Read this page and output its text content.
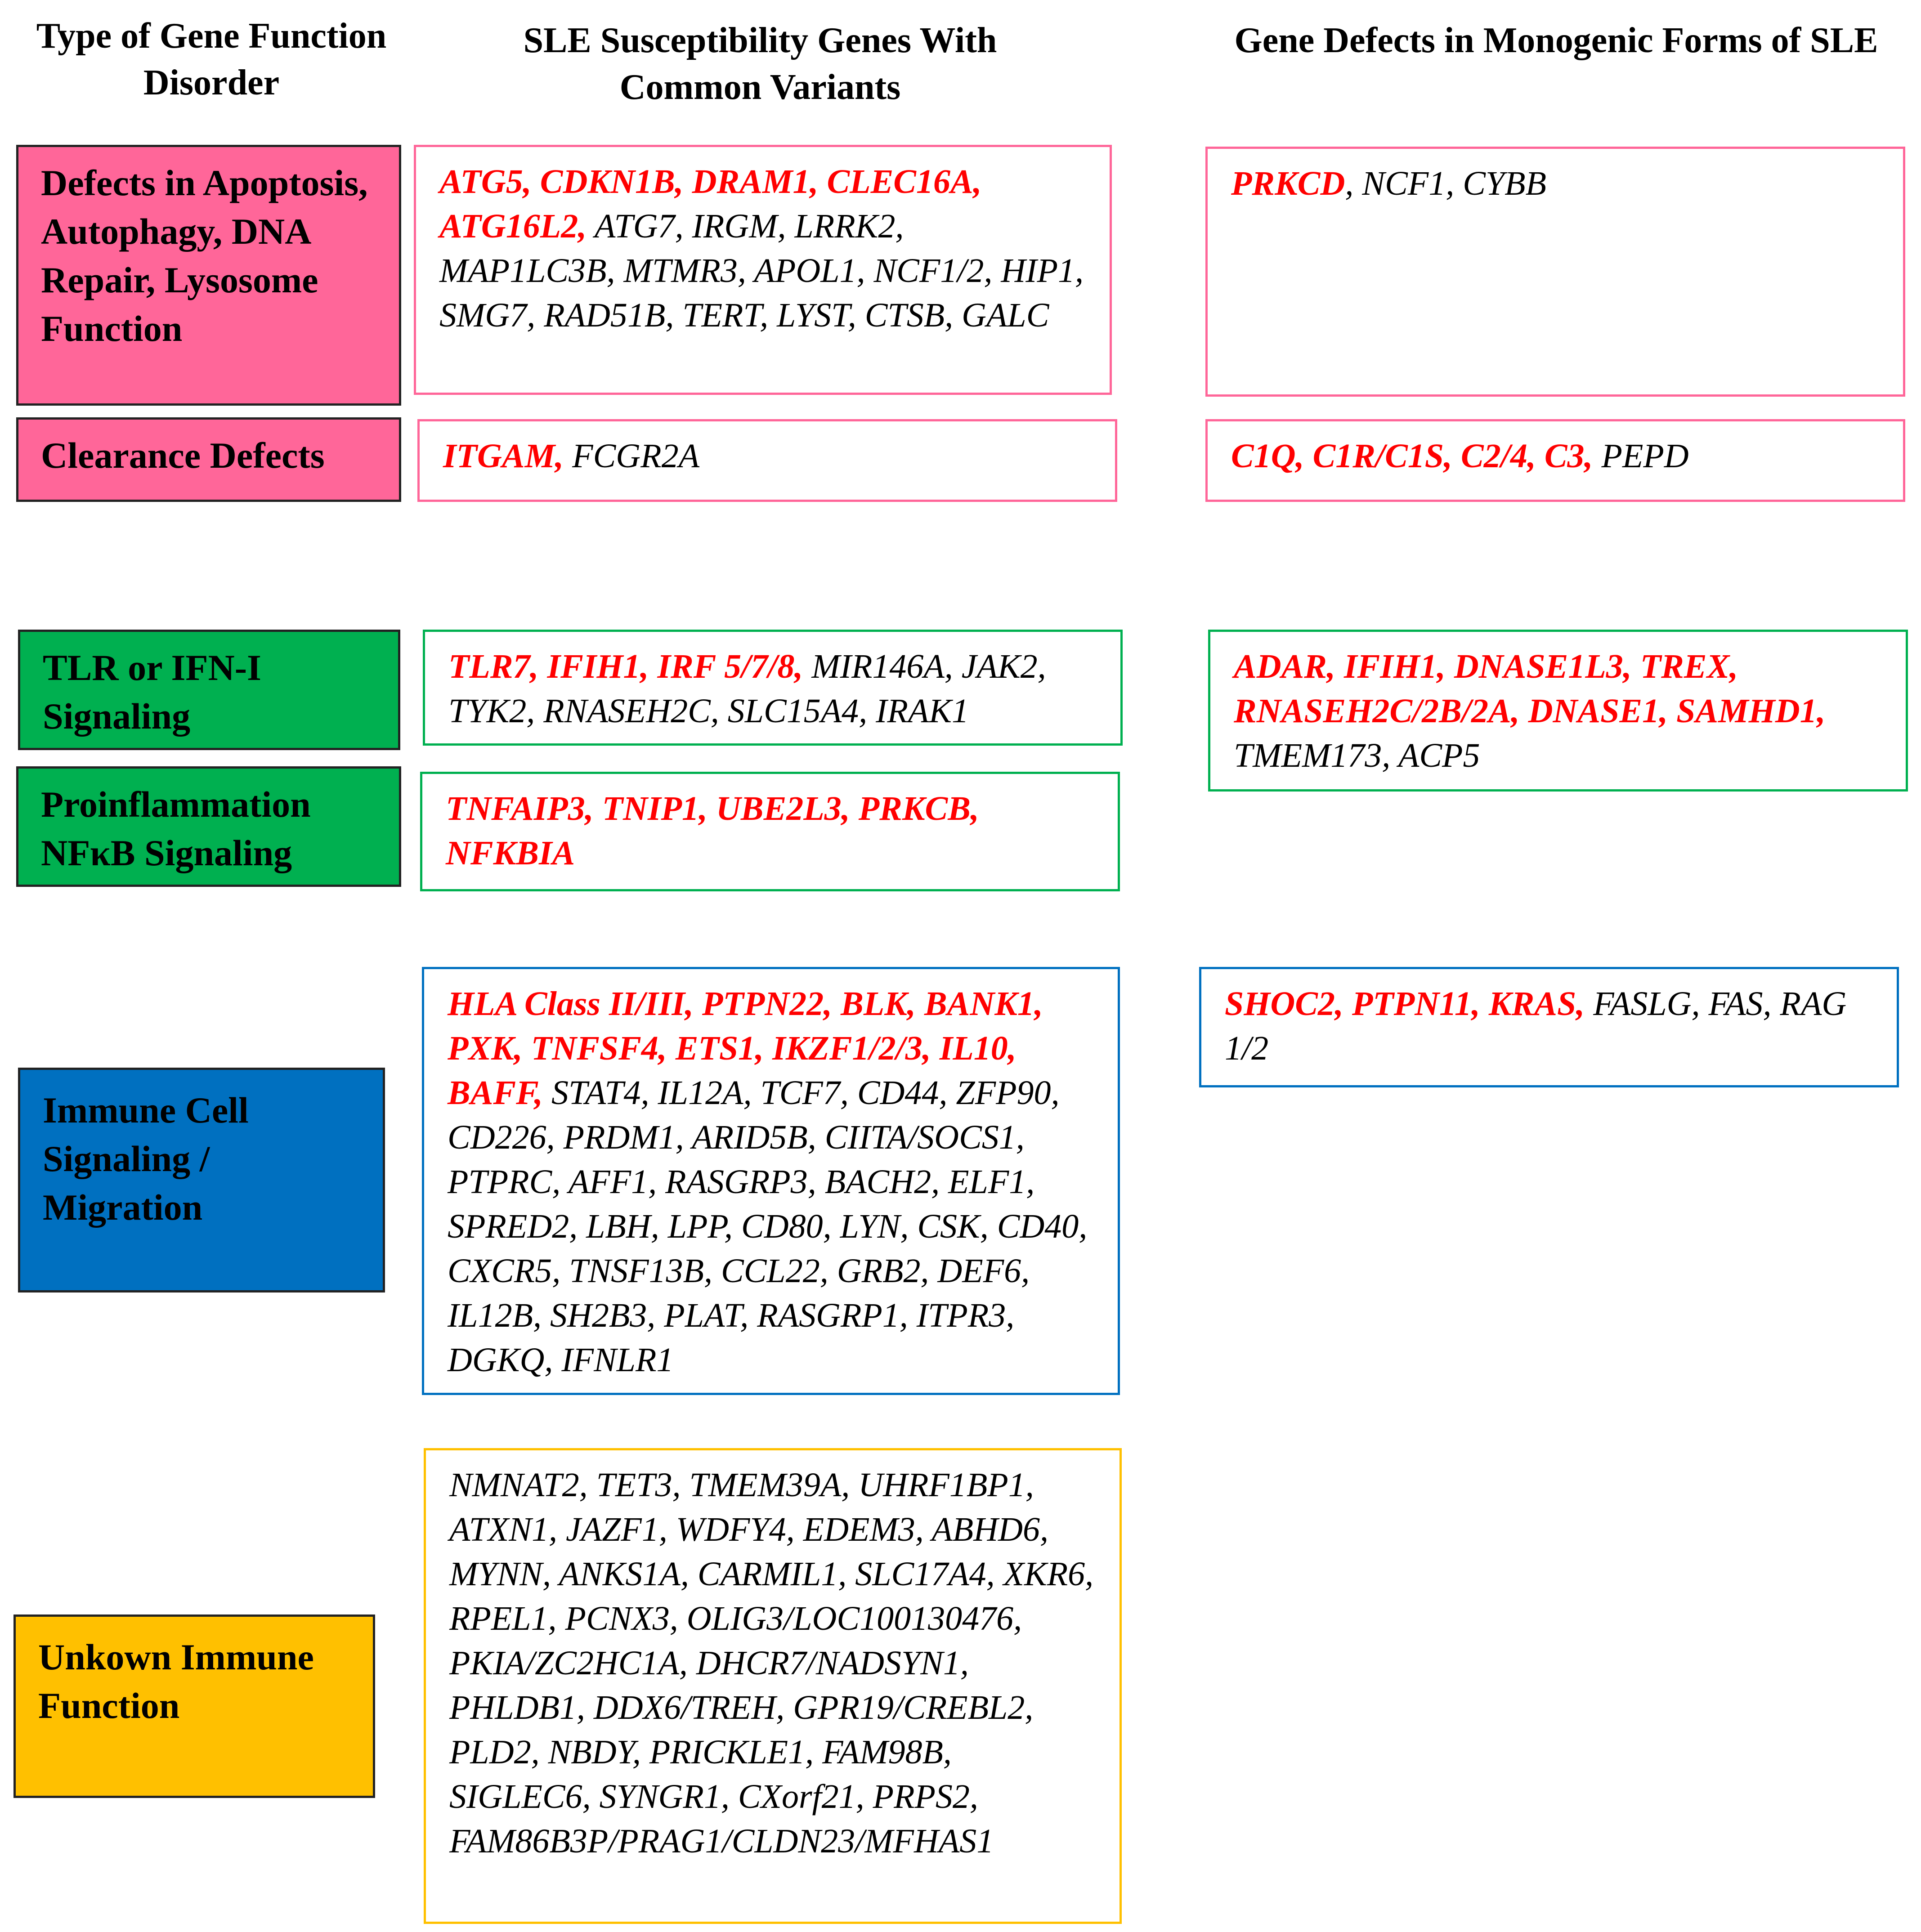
Type of Gene Function Disorder
SLE Susceptibility Genes With Common Variants
Gene Defects in Monogenic Forms of SLE
Defects in Apoptosis, Autophagy, DNA Repair, Lysosome Function
Clearance Defects
TLR or IFN-I Signaling
Proinflammation NFκB Signaling
Immune Cell Signaling / Migration
Unkown Immune Function
ATG5, CDKN1B, DRAM1, CLEC16A, ATG16L2, ATG7, IRGM, LRRK2, MAP1LC3B, MTMR3, APOL1, NCF1/2, HIP1, SMG7, RAD51B, TERT, LYST, CTSB, GALC
ITGAM, FCGR2A
TLR7, IFIH1, IRF 5/7/8, MIR146A, JAK2, TYK2, RNASEH2C, SLC15A4, IRAK1
TNFAIP3, TNIP1, UBE2L3, PRKCB, NFKBIA
HLA Class II/III, PTPN22, BLK, BANK1, PXK, TNFSF4, ETS1, IKZF1/2/3, IL10, BAFF, STAT4, IL12A, TCF7, CD44, ZFP90, CD226, PRDM1, ARID5B, CIITA/SOCS1, PTPRC, AFF1, RASGRP3, BACH2, ELF1, SPRED2, LBH, LPP, CD80, LYN, CSK, CD40, CXCR5, TNSF13B, CCL22, GRB2, DEF6, IL12B, SH2B3, PLAT, RASGRP1, ITPR3, DGKQ, IFNLR1
NMNAT2, TET3, TMEM39A, UHRF1BP1, ATXN1, JAZF1, WDFY4, EDEM3, ABHD6, MYNN, ANKS1A, CARMIL1, SLC17A4, XKR6, RPEL1, PCNX3, OLIG3/LOC100130476, PKIA/ZC2HC1A, DHCR7/NADSYN1, PHLDB1, DDX6/TREH, GPR19/CREBL2, PLD2, NBDY, PRICKLE1, FAM98B, SIGLEC6, SYNGR1, CXorf21, PRPS2, FAM86B3P/PRAG1/CLDN23/MFHAS1
PRKCD, NCF1, CYBB
C1Q, C1R/C1S, C2/4, C3, PEPD
ADAR, IFIH1, DNASE1L3, TREX, RNASEH2C/2B/2A, DNASE1, SAMHD1, TMEM173, ACP5
SHOC2, PTPN11, KRAS, FASLG, FAS, RAG 1/2
